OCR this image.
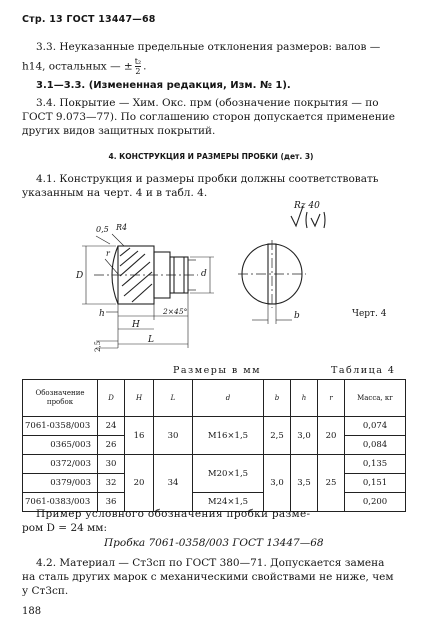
Стр. 13 ГОСТ 13447—68
3.3. Неуказанные предельные отклонения размеров: валов —
h14, остальных — ± $\frac{\text{t₂}}{2}$ .
3.1—3.3. (Измененная редакция, Изм. № 1).
3.4. Покрытие — Хим. Окс. прм (обозначение покрытия — по
ГОСТ 9.073—77). По соглашению сторон допускается применение
других видов защитных покрытий.
4. КОНСТРУКЦИЯ И РАЗМЕРЫ ПРОБКИ (дет. 3)
4.1. Конструкция и размеры пробки должны соответствовать
указанным на черт. 4 и в табл. 4.
Rz 40
0,5 R4
D	d
r
h	2×45°
H
L
b
2,5
Черт. 4
Размеры в мм	Таблица 4
Обозначение пробок	D	H	L	d	b	h	r	Масса, кг
7061-0358/003	24	16	30	M16×1,5	2,5	3,0	20	0,074
0365/003	26							0,084
0372/003	30	20	34	M20×1,5	3,0	3,5	25	0,135
0379/003	32							0,151
7061-0383/003	36			M24×1,5				0,200
Пример условного обозначения пробки разме-
ром D = 24 мм:
Пробка 7061-0358/003 ГОСТ 13447—68
4.2. Материал — Ст3сп по ГОСТ 380—71. Допускается замена
на сталь других марок с механическими свойствами не ниже, чем
у Ст3сп.
188
